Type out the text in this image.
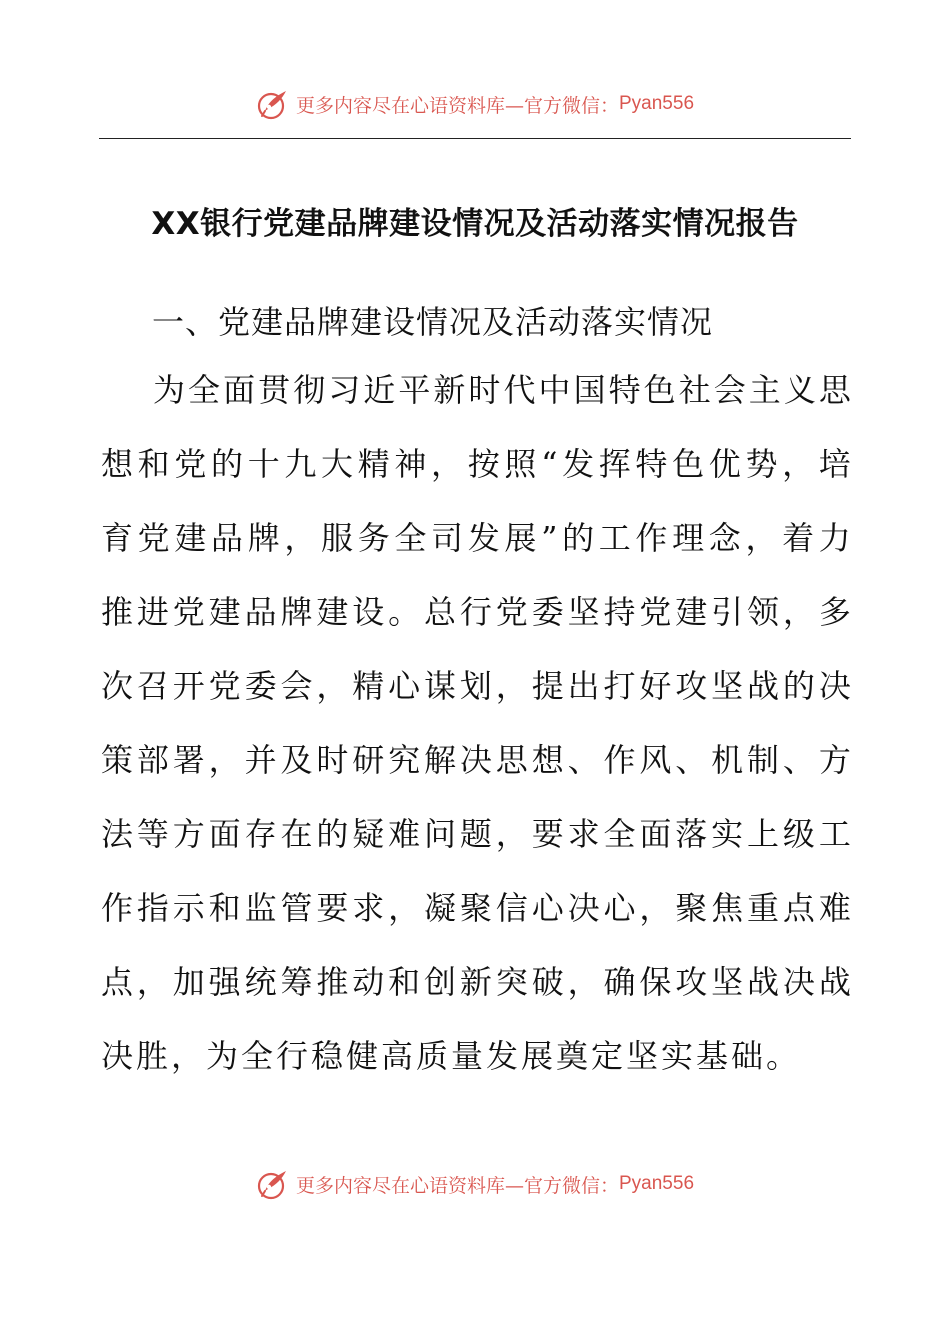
更多内容尽在心语资料库—官方微信： Pyan556
XX银行党建品牌建设情况及活动落实情况报告
一、党建品牌建设情况及活动落实情况
为 全 面 贯 彻 习 近 平 新 时 代 中 国 特 色 社 会 主 义 思
想 和 党 的 十 九 大 精 神 ， 按 照 “ 发 挥 特 色 优 势 ， 培
育 党 建 品 牌 ， 服 务 全 司 发 展 ” 的 工 作 理 念 ， 着 力
推 进 党 建 品 牌 建 设 。 总 行 党 委 坚 持 党 建 引 领 ， 多
次 召 开 党 委 会 ， 精 心 谋 划 ， 提 出 打 好 攻 坚 战 的 决
策 部 署 ， 并 及 时 研 究 解 决 思 想 、 作 风 、 机 制 、 方
法 等 方 面 存 在 的 疑 难 问 题 ， 要 求 全 面 落 实 上 级 工
作 指 示 和 监 管 要 求 ， 凝 聚 信 心 决 心 ， 聚 焦 重 点 难
点 ， 加 强 统 筹 推 动 和 创 新 突 破 ， 确 保 攻 坚 战 决 战
决胜，为全行稳健高质量发展奠定坚实基础。
更多内容尽在心语资料库—官方微信： Pyan556
